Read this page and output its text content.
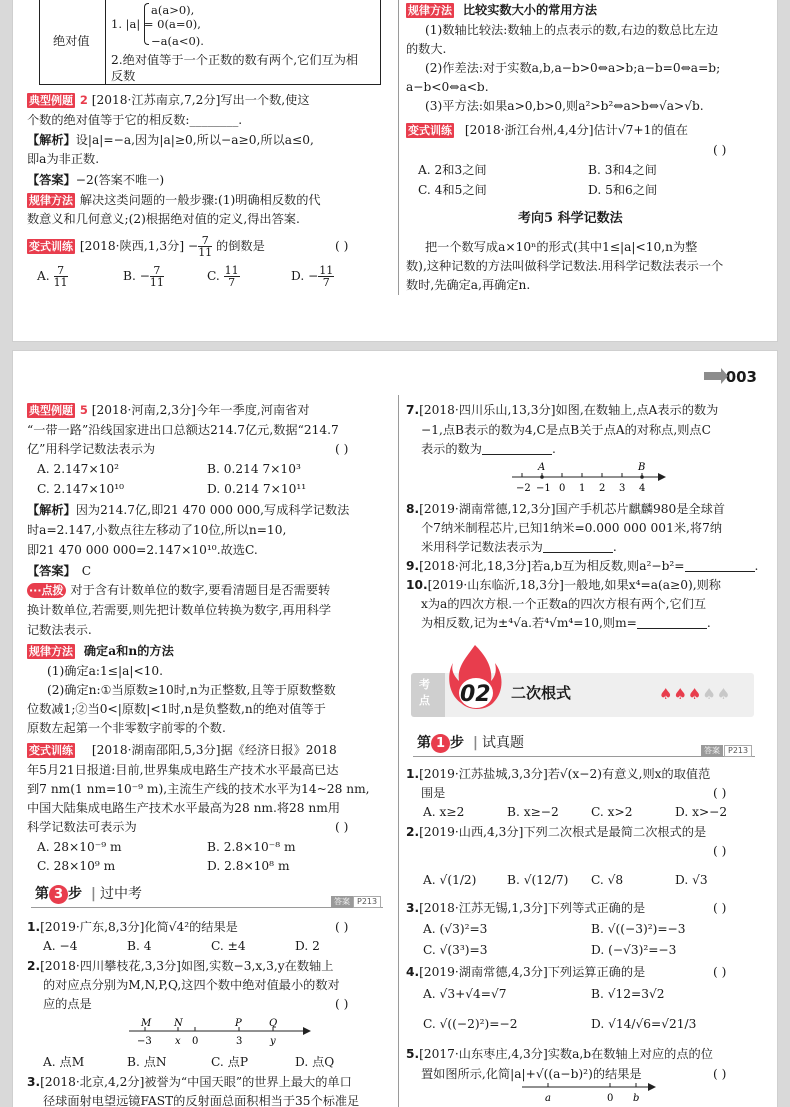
绝对值
a(a>0),
1. |a| = 0(a=0),
−a(a<0).
2.绝对值等于一个正数的数有两个,它们互为相
反数
典型例题 2 [2018·江苏南京,7,2分]写出一个数,使这
个数的绝对值等于它的相反数:________.
【解析】设|a|=−a,因为|a|≥0,所以−a≥0,所以a≤0,
即a为非正数.
【答案】−2(答案不唯一)
规律方法 解决这类问题的一般步骤:(1)明确相反数的代
数意义和几何意义;(2)根据绝对值的定义,得出答案.
变式训练 [2018·陕西,1,3分] − $\frac{7}{11}$ 的倒数是	( )
A. $\frac{7}{11}$	B. − $\frac{7}{11}$	C. $\frac{11}{7}$	D. − $\frac{11}{7}$
规律方法 比较实数大小的常用方法
(1)数轴比较法:数轴上的点表示的数,右边的数总比左边
的数大.
(2)作差法:对于实数a,b,a−b>0⇔a>b;a−b=0⇔a=b;
a−b<0⇔a<b.
(3)平方法:如果a>0,b>0,则a²>b²⇔a>b⇔√a>√b.
变式训练 [2018·浙江台州,4,4分]估计√7+1的值在
( )
A. 2和3之间	B. 3和4之间
C. 4和5之间	D. 5和6之间
考向5 科学记数法
把一个数写成a×10ⁿ的形式(其中1≤|a|<10,n为整
数),这种记数的方法叫做科学记数法.用科学记数法表示一个
数时,先确定a,再确定n.
003
典型例题 5 [2018·河南,2,3分]今年一季度,河南省对
“一带一路”沿线国家进出口总额达214.7亿元,数据“214.7
亿”用科学记数法表示为	( )
A. 2.147×10²	B. 0.214 7×10³
C. 2.147×10¹⁰	D. 0.214 7×10¹¹
【解析】因为214.7亿,即21 470 000 000,写成科学记数法
时a=2.147,小数点往左移动了10位,所以n=10,
即21 470 000 000=2.147×10¹⁰.故选C.
【答案】 C
···点拨 对于含有计数单位的数字,要看清题目是否需要转
换计数单位,若需要,则先把计数单位转换为数字,再用科学
记数法表示.
规律方法 确定a和n的方法
(1)确定a:1≤|a|<10.
(2)确定n:①当原数≥10时,n为正整数,且等于原数整数
位数减1;②当0<|原数|<1时,n是负整数,n的绝对值等于
原数左起第一个非零数字前零的个数.
变式训练 [2018·湖南邵阳,5,3分]据《经济日报》2018
年5月21日报道:目前,世界集成电路生产技术水平最高已达
到7 nm(1 nm=10⁻⁹ m),主流生产线的技术水平为14~28 nm,
中国大陆集成电路生产技术水平最高为28 nm.将28 nm用
科学记数法可表示为	( )
A. 28×10⁻⁹ m	B. 2.8×10⁻⁸ m
C. 28×10⁹ m	D. 2.8×10⁸ m
第 3 步 | 过中考	答案 P213
1.[2019·广东,8,3分]化简√4²的结果是	( )
A. −4	B. 4	C. ±4	D. 2
2.[2018·四川攀枝花,3,3分]如图,实数−3,x,3,y在数轴上
的对应点分别为M,N,P,Q,这四个数中绝对值最小的数对
应的点是	( )
M N	P	Q
−3 x 0	3	y
A. 点M	B. 点N	C. 点P	D. 点Q
3.[2018·北京,4,2分]被誉为“中国天眼”的世界上最大的单口
径球面射电望远镜FAST的反射面总面积相当于35个标准足
7.[2018·四川乐山,13,3分]如图,在数轴上,点A表示的数为
−1,点B表示的数为4,C是点B关于点A的对称点,则点C
表示的数为	.
A	B
−2 −1 0 1 2 3 4
8.[2019·湖南常德,12,3分]国产手机芯片麒麟980是全球首
个7纳米制程芯片,已知1纳米=0.000 000 001米,将7纳
米用科学记数法表示为	.
9.[2018·河北,18,3分]若a,b互为相反数,则a²−b²=	.
10.[2019·山东临沂,18,3分]一般地,如果x⁴=a(a≥0),则称
x为a的四次方根.一个正数a的四次方根有两个,它们互
为相反数,记为±⁴√a.若⁴√m⁴=10,则m=	.
考点 02 二次根式	♠♠♠♠♠
第 1 步 | 试真题	答案	P213
1.[2019·江苏盐城,3,3分]若√(x−2)有意义,则x的取值范
围是	( )
A. x≥2	B. x≥−2	C. x>2	D. x>−2
2.[2019·山西,4,3分]下列二次根式是最简二次根式的是
( )
A. √(1/2)	B. √(12/7) C. √8	D. √3
3.[2018·江苏无锡,1,3分]下列等式正确的是	( )
A. (√3)²=3	B. √((−3)²)=−3
C. √(3³)=3	D. (−√3)²=−3
4.[2019·湖南常德,4,3分]下列运算正确的是	( )
A. √3+√4=√7	B. √12=3√2
C. √((−2)²)=−2	D. √14/√6=√21/3
5.[2017·山东枣庄,4,3分]实数a,b在数轴上对应的点的位
置如图所示,化简|a|+√((a−b)²)的结果是	( )
a	0 b
